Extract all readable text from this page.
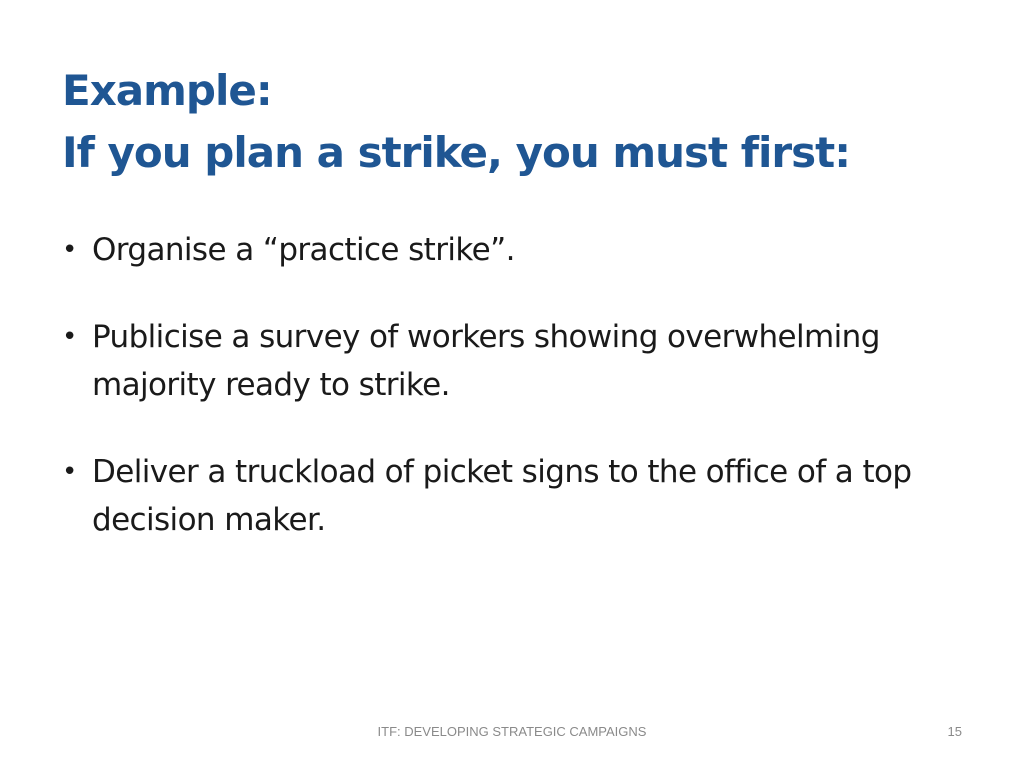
Example:
If you plan a strike, you must first:
• Organise a “practice strike”.
• Publicise a survey of workers showing overwhelming majority ready to strike.
• Deliver a truckload of picket signs to the office of a top decision maker.
ITF: DEVELOPING STRATEGIC CAMPAIGNS	15
